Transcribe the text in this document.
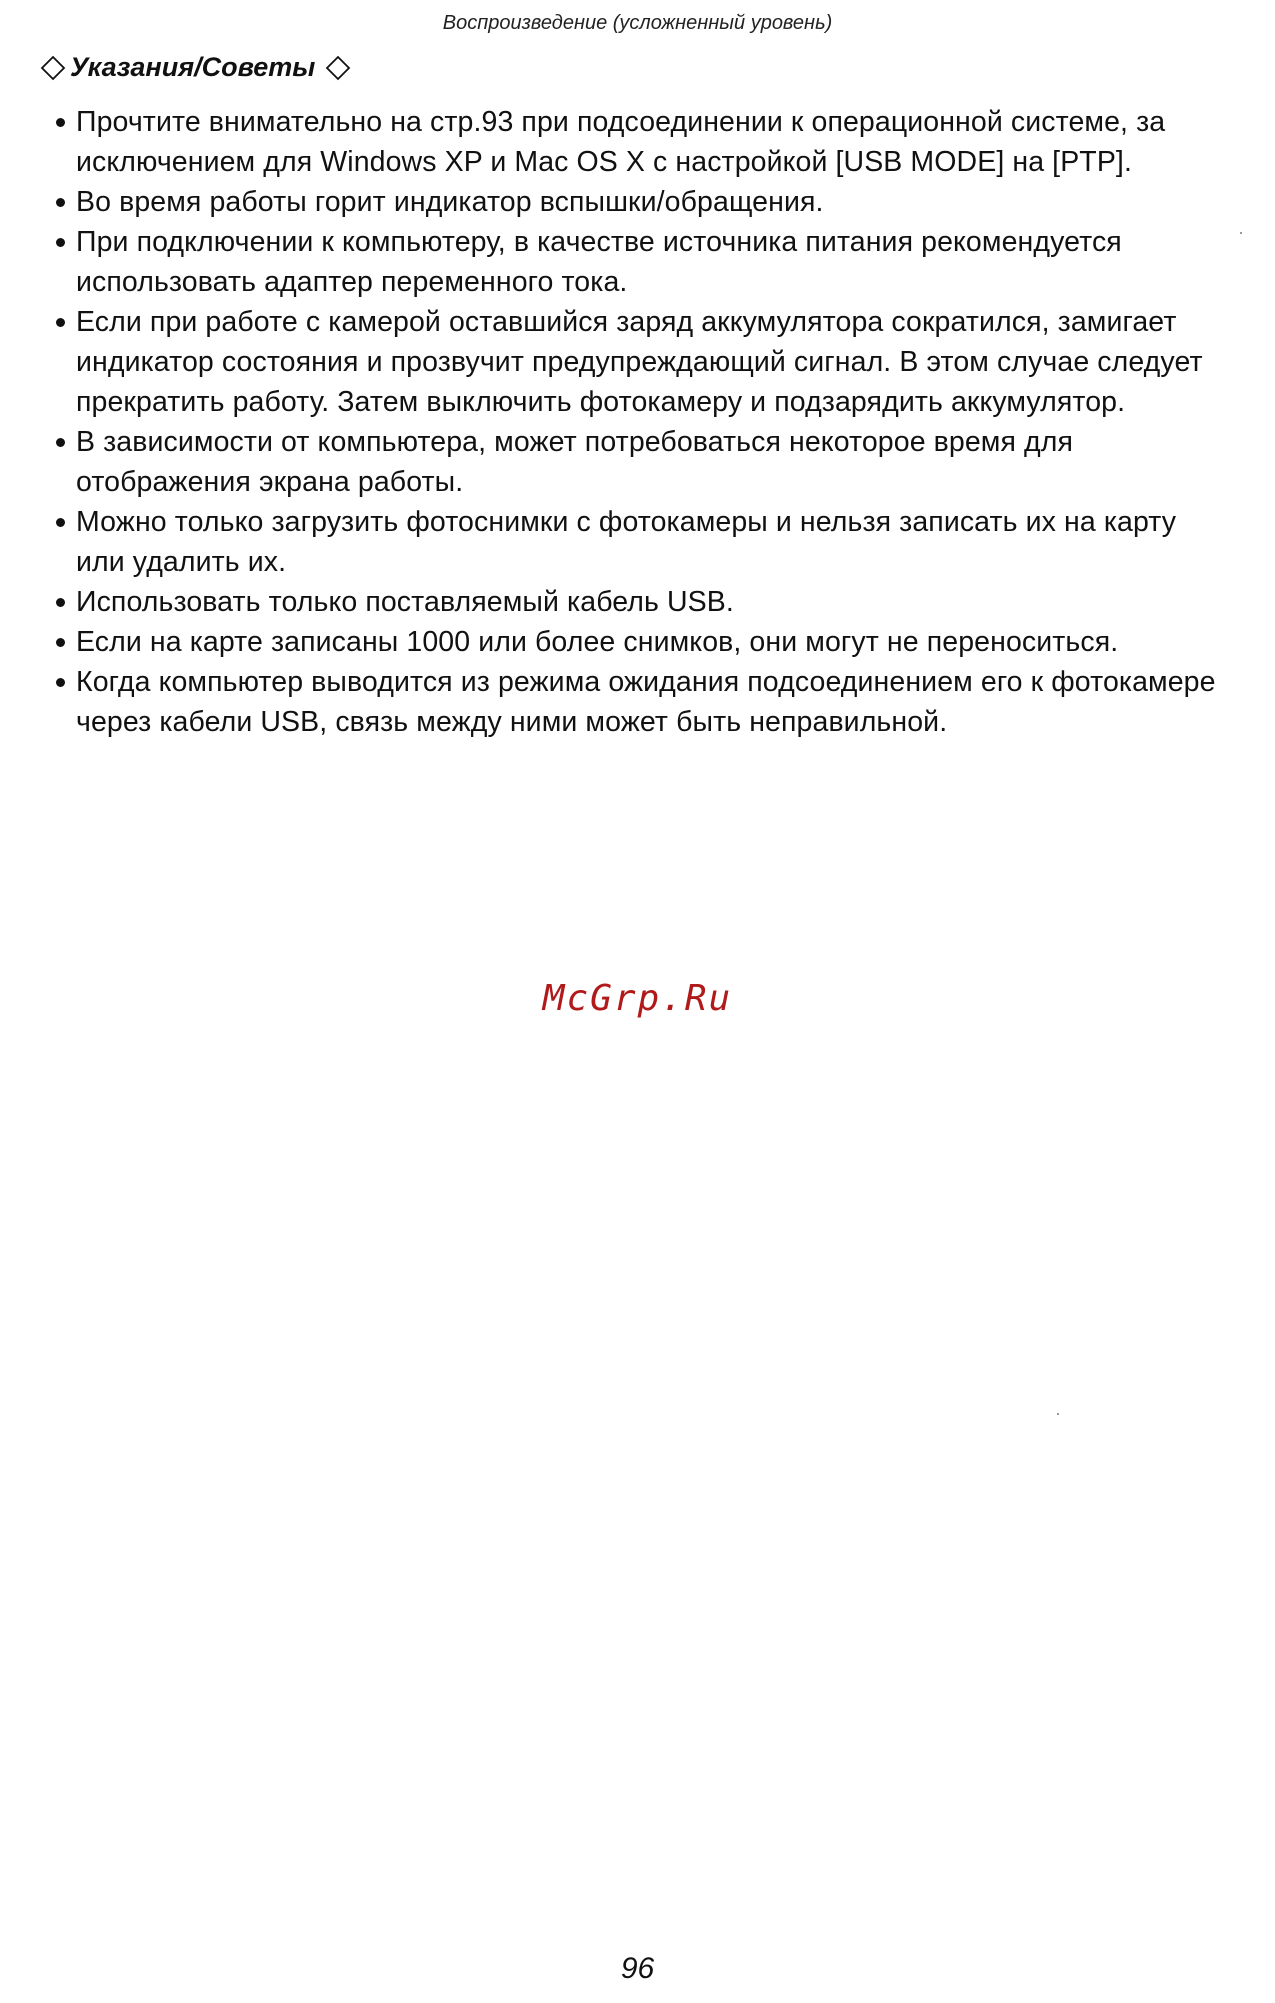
Воспроизведение (усложненный уровень)
Указания/Советы
Прочтите внимательно на стр.93 при подсоединении к операционной системе, за исключением для Windows XP и Mac OS X с настройкой [USB MODE] на [PTP].
Во время работы горит индикатор вспышки/обращения.
При подключении к компьютеру, в качестве источника питания рекомендуется использовать адаптер переменного тока.
Если при работе с камерой оставшийся заряд аккумулятора сократился, замигает индикатор состояния и прозвучит предупреждающий сигнал. В этом случае следует прекратить работу. Затем выключить фотокамеру и подзарядить аккумулятор.
В зависимости от компьютера, может потребоваться некоторое время для отображения экрана работы.
Можно только загрузить фотоснимки с фотокамеры и нельзя записать их на карту или удалить их.
Использовать только поставляемый кабель USB.
Если на карте записаны 1000 или более снимков, они могут не переноситься.
Когда компьютер выводится из режима ожидания подсоединением его к фотокамере через кабели USB, связь между ними может быть неправильной.
McGrp.Ru
96
